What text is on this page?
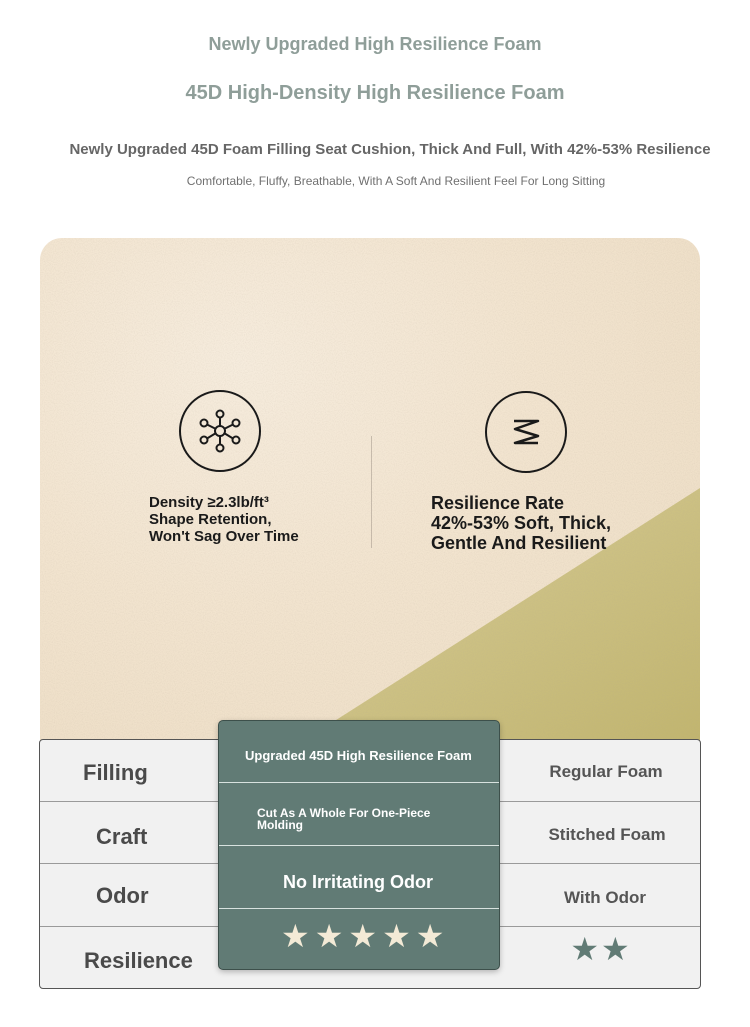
Newly Upgraded High Resilience Foam
45D High-Density High Resilience Foam
Newly Upgraded 45D Foam Filling Seat Cushion, Thick And Full, With 42%-53% Resilience
Comfortable, Fluffy, Breathable, With A Soft And Resilient Feel For Long Sitting
Density ≥2.3lb/ft³
Shape Retention,
Won't Sag Over Time
Resilience Rate
42%-53% Soft, Thick,
Gentle And Resilient
Filling
Craft
Odor
Resilience
Regular Foam
Stitched Foam
With Odor
★★
Upgraded 45D High Resilience Foam
Cut As A Whole For One-Piece Molding
No Irritating Odor
★★★★★
